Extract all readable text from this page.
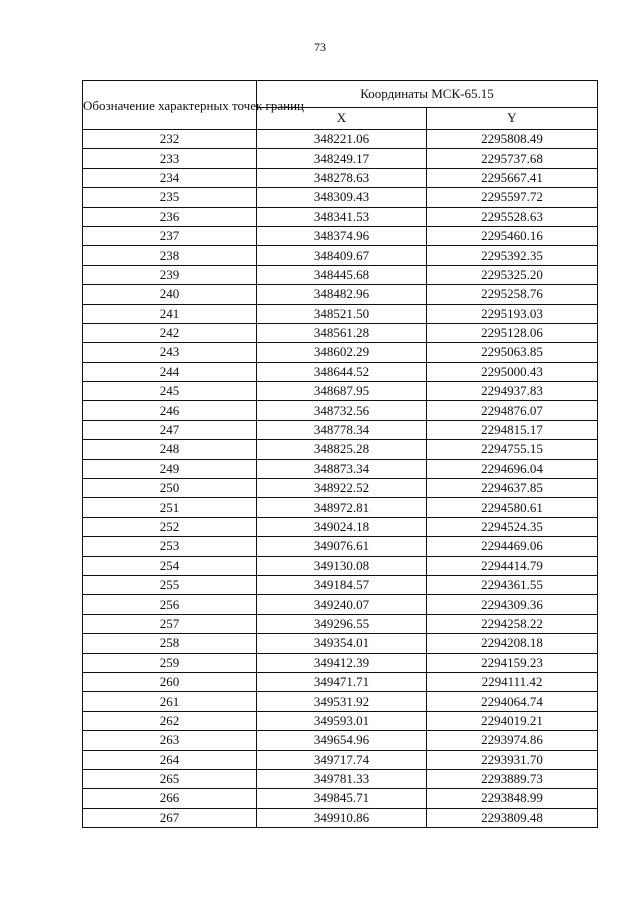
73
Обозначение характерных точек границ	Координаты МСК-65.15	
	X	Y
232	348221.06	2295808.49
233	348249.17	2295737.68
234	348278.63	2295667.41
235	348309.43	2295597.72
236	348341.53	2295528.63
237	348374.96	2295460.16
238	348409.67	2295392.35
239	348445.68	2295325.20
240	348482.96	2295258.76
241	348521.50	2295193.03
242	348561.28	2295128.06
243	348602.29	2295063.85
244	348644.52	2295000.43
245	348687.95	2294937.83
246	348732.56	2294876.07
247	348778.34	2294815.17
248	348825.28	2294755.15
249	348873.34	2294696.04
250	348922.52	2294637.85
251	348972.81	2294580.61
252	349024.18	2294524.35
253	349076.61	2294469.06
254	349130.08	2294414.79
255	349184.57	2294361.55
256	349240.07	2294309.36
257	349296.55	2294258.22
258	349354.01	2294208.18
259	349412.39	2294159.23
260	349471.71	2294111.42
261	349531.92	2294064.74
262	349593.01	2294019.21
263	349654.96	2293974.86
264	349717.74	2293931.70
265	349781.33	2293889.73
266	349845.71	2293848.99
267	349910.86	2293809.48
